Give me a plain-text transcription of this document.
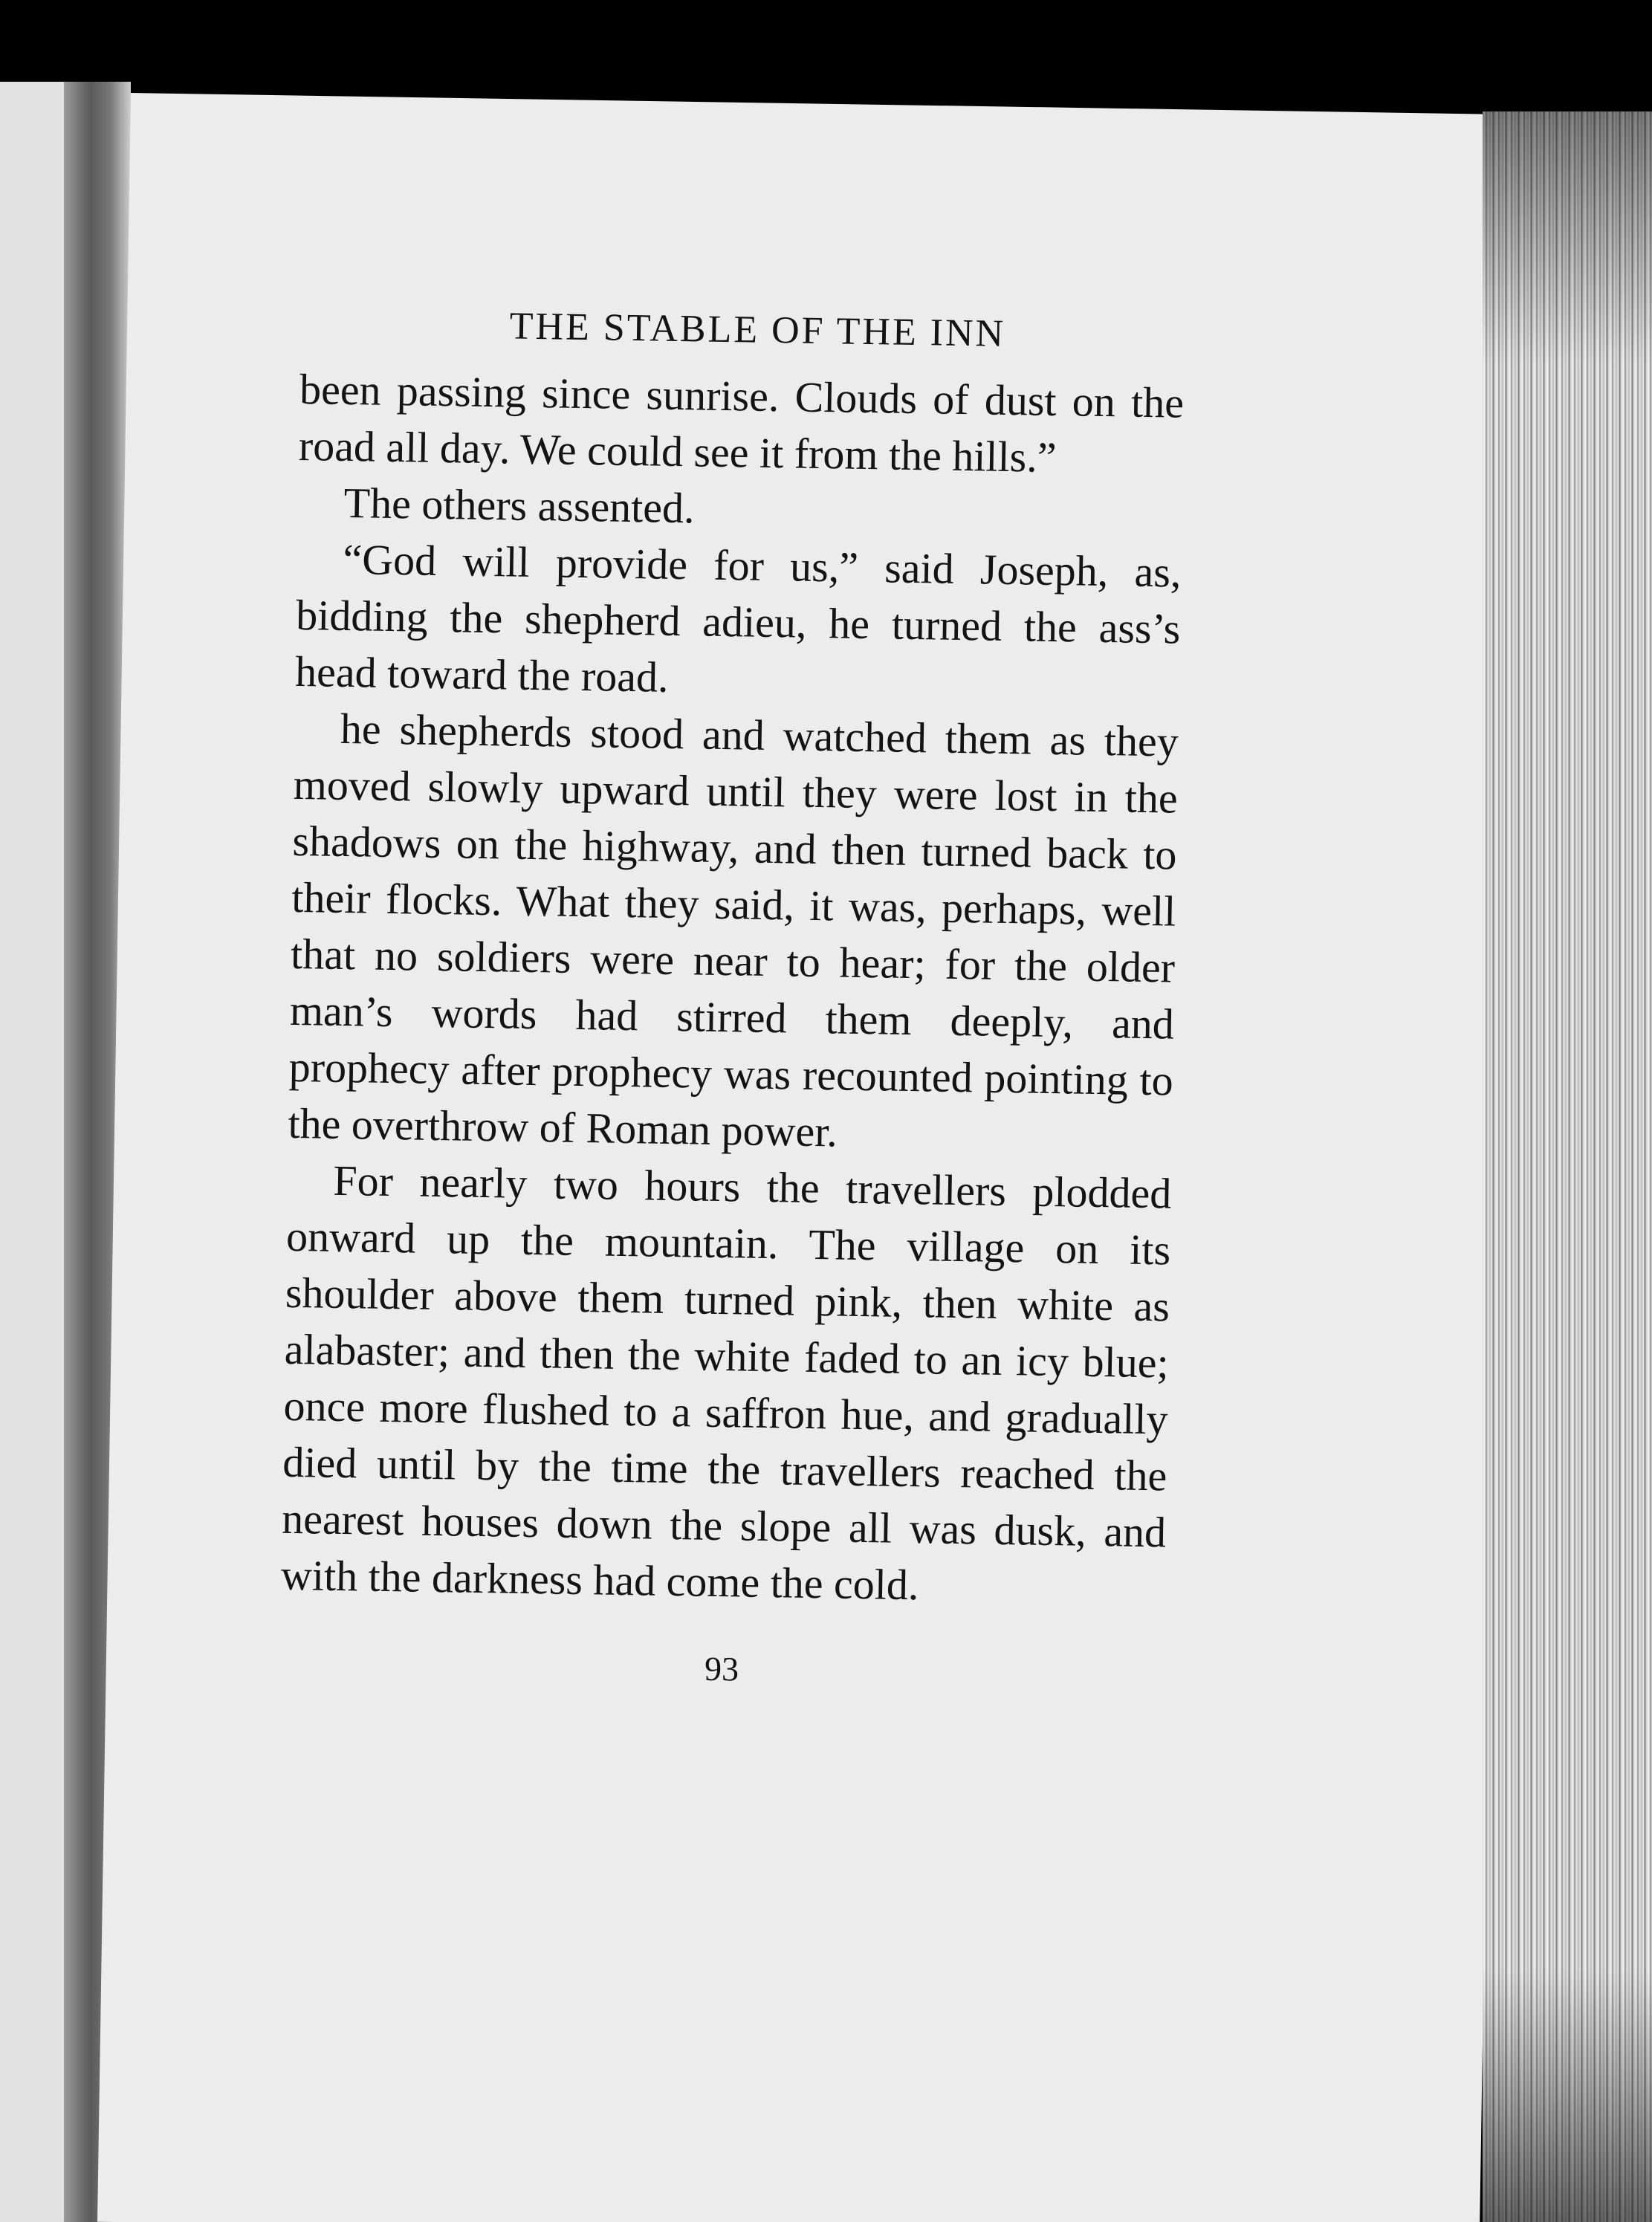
THE STABLE OF THE INN

been passing since sunrise. Clouds of dust on the road all day. We could see it from the hills.”

The others assented.

“God will provide for us,” said Joseph, as, bidding the shepherd adieu, he turned the ass’s head toward the road.

he shepherds stood and watched them as they moved slowly upward until they were lost in the shadows on the highway, and then turned back to their flocks. What they said, it was, perhaps, well that no soldiers were near to hear; for the older man’s words had stirred them deeply, and prophecy after prophecy was recounted pointing to the overthrow of Roman power.

For nearly two hours the travellers plodded onward up the mountain. The village on its shoulder above them turned pink, then white as alabaster; and then the white faded to an icy blue; once more flushed to a saffron hue, and gradually died until by the time the travellers reached the nearest houses down the slope all was dusk, and with the darkness had come the cold.

93
